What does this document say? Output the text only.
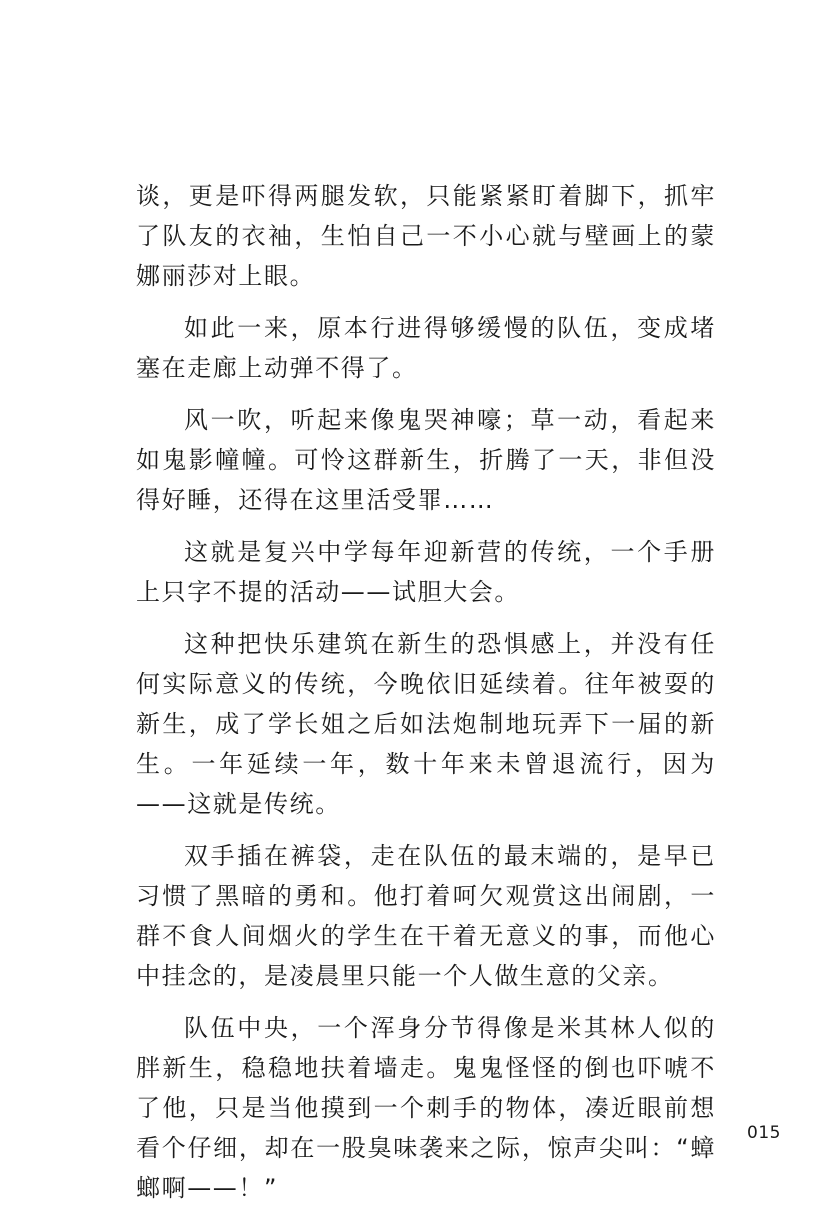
谈，更是吓得两腿发软，只能紧紧盯着脚下，抓牢了队友的衣袖，生怕自己一不小心就与壁画上的蒙娜丽莎对上眼。

如此一来，原本行进得够缓慢的队伍，变成堵塞在走廊上动弹不得了。

风一吹，听起来像鬼哭神嚎；草一动，看起来如鬼影幢幢。可怜这群新生，折腾了一天，非但没得好睡，还得在这里活受罪……

这就是复兴中学每年迎新营的传统，一个手册上只字不提的活动——试胆大会。

这种把快乐建筑在新生的恐惧感上，并没有任何实际意义的传统，今晚依旧延续着。往年被耍的新生，成了学长姐之后如法炮制地玩弄下一届的新生。一年延续一年，数十年来未曾退流行，因为——这就是传统。

双手插在裤袋，走在队伍的最末端的，是早已习惯了黑暗的勇和。他打着呵欠观赏这出闹剧，一群不食人间烟火的学生在干着无意义的事，而他心中挂念的，是凌晨里只能一个人做生意的父亲。

队伍中央，一个浑身分节得像是米其林人似的胖新生，稳稳地扶着墙走。鬼鬼怪怪的倒也吓唬不了他，只是当他摸到一个刺手的物体，凑近眼前想看个仔细，却在一股臭味袭来之际，惊声尖叫：“蟑螂啊——！”

015
